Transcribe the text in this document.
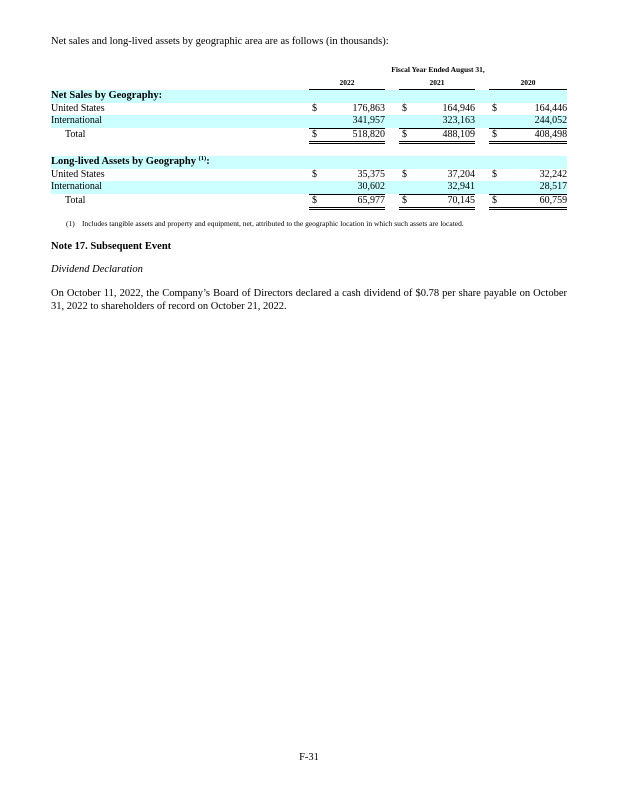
Net sales and long-lived assets by geographic area are as follows (in thousands):
	Fiscal Year Ended August 31,							
	2022			2021			2020	
Net Sales by Geography:								
United States	$	176,863		$	164,946		$	164,446
International		341,957			323,163			244,052
Total	$	518,820		$	488,109		$	408,498

Long-lived Assets by Geography $^{(1)}$:								
United States	$	35,375		$	37,204		$	32,242
International		30,602			32,941			28,517
Total	$	65,977		$	70,145		$	60,759
(1) Includes tangible assets and property and equipment, net, attributed to the geographic location in which such assets are located.
Note 17. Subsequent Event
Dividend Declaration
On October 11, 2022, the Company’s Board of Directors declared a cash dividend of $0.78 per share payable on October 31, 2022 to shareholders of record on October 21, 2022.
F-31
